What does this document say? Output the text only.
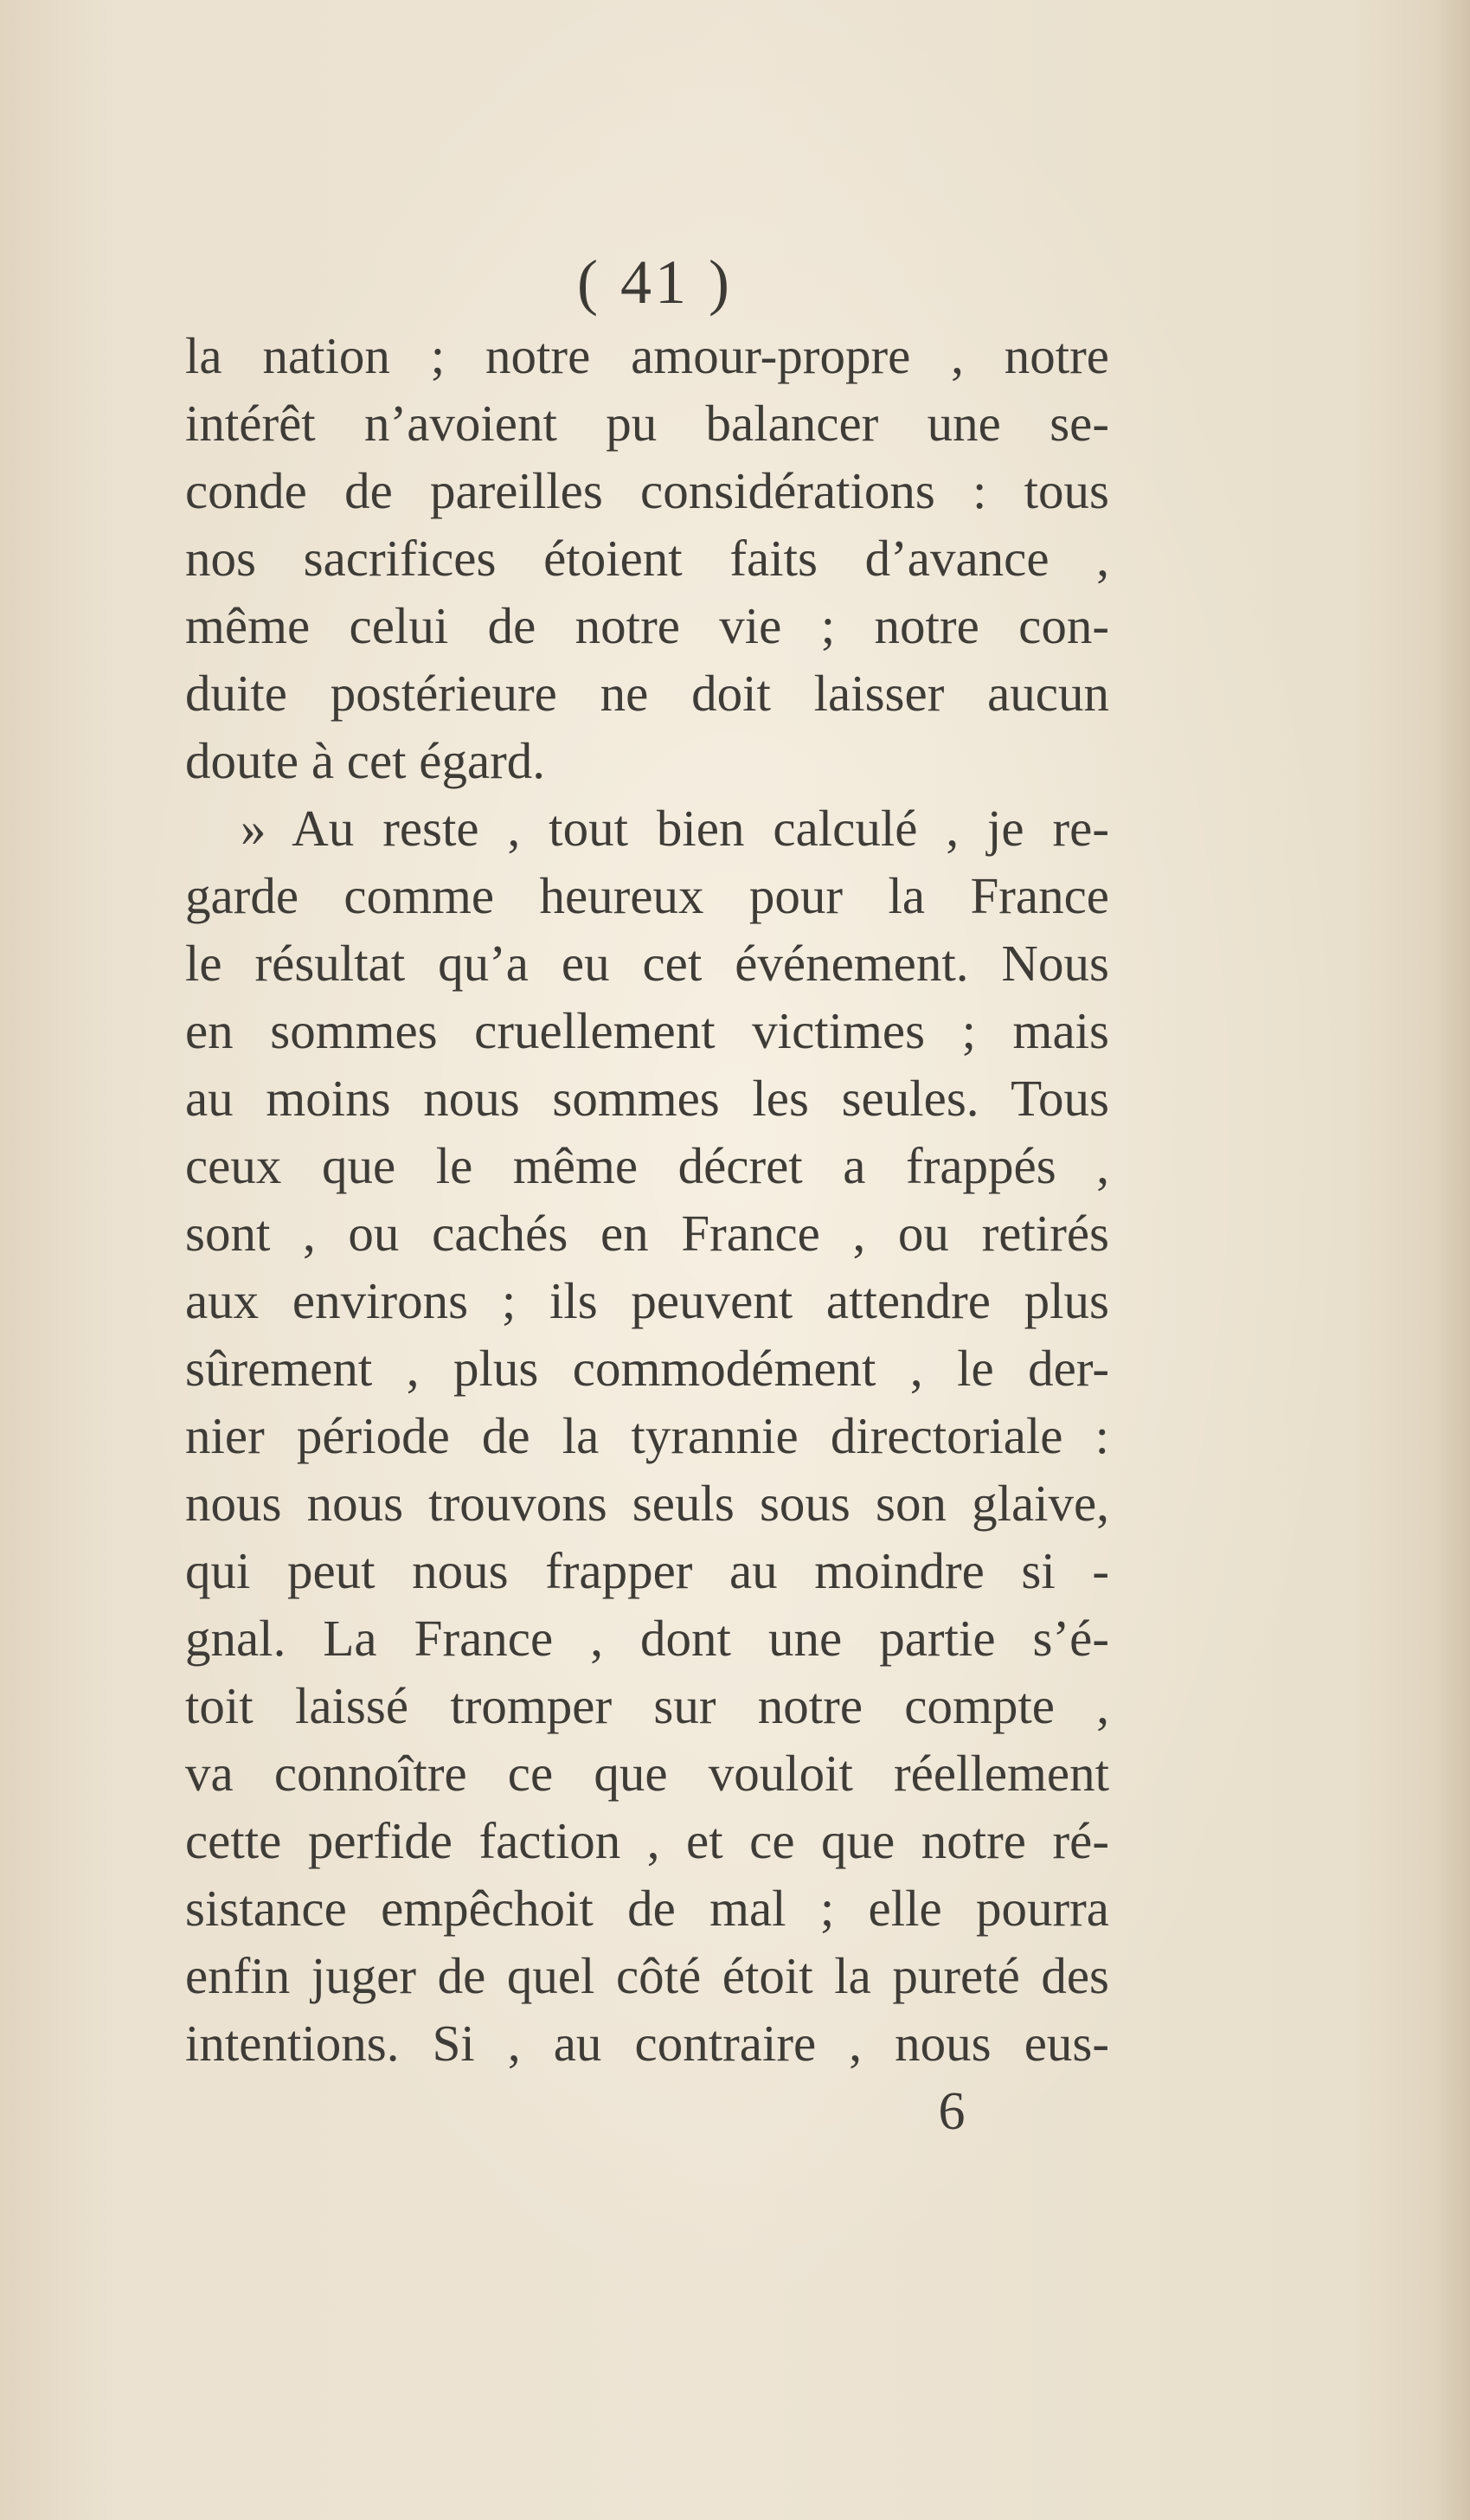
( 41 )
la nation ; notre amour-propre , notre
intérêt n’avoient pu balancer une se-
conde de pareilles considérations : tous
nos sacrifices étoient faits d’avance ,
même celui de notre vie ; notre con-
duite postérieure ne doit laisser aucun
doute à cet égard.
» Au reste , tout bien calculé , je re-
garde comme heureux pour la France
le résultat qu’a eu cet événement. Nous
en sommes cruellement victimes ; mais
au moins nous sommes les seules. Tous
ceux que le même décret a frappés ,
sont , ou cachés en France , ou retirés
aux environs ; ils peuvent attendre plus
sûrement , plus commodément , le der-
nier période de la tyrannie directoriale :
nous nous trouvons seuls sous son glaive,
qui peut nous frapper au moindre si -
gnal. La France , dont une partie s’é-
toit laissé tromper sur notre compte ,
va connoître ce que vouloit réellement
cette perfide faction , et ce que notre ré-
sistance empêchoit de mal ; elle pourra
enfin juger de quel côté étoit la pureté des
intentions. Si , au contraire , nous eus-
6
